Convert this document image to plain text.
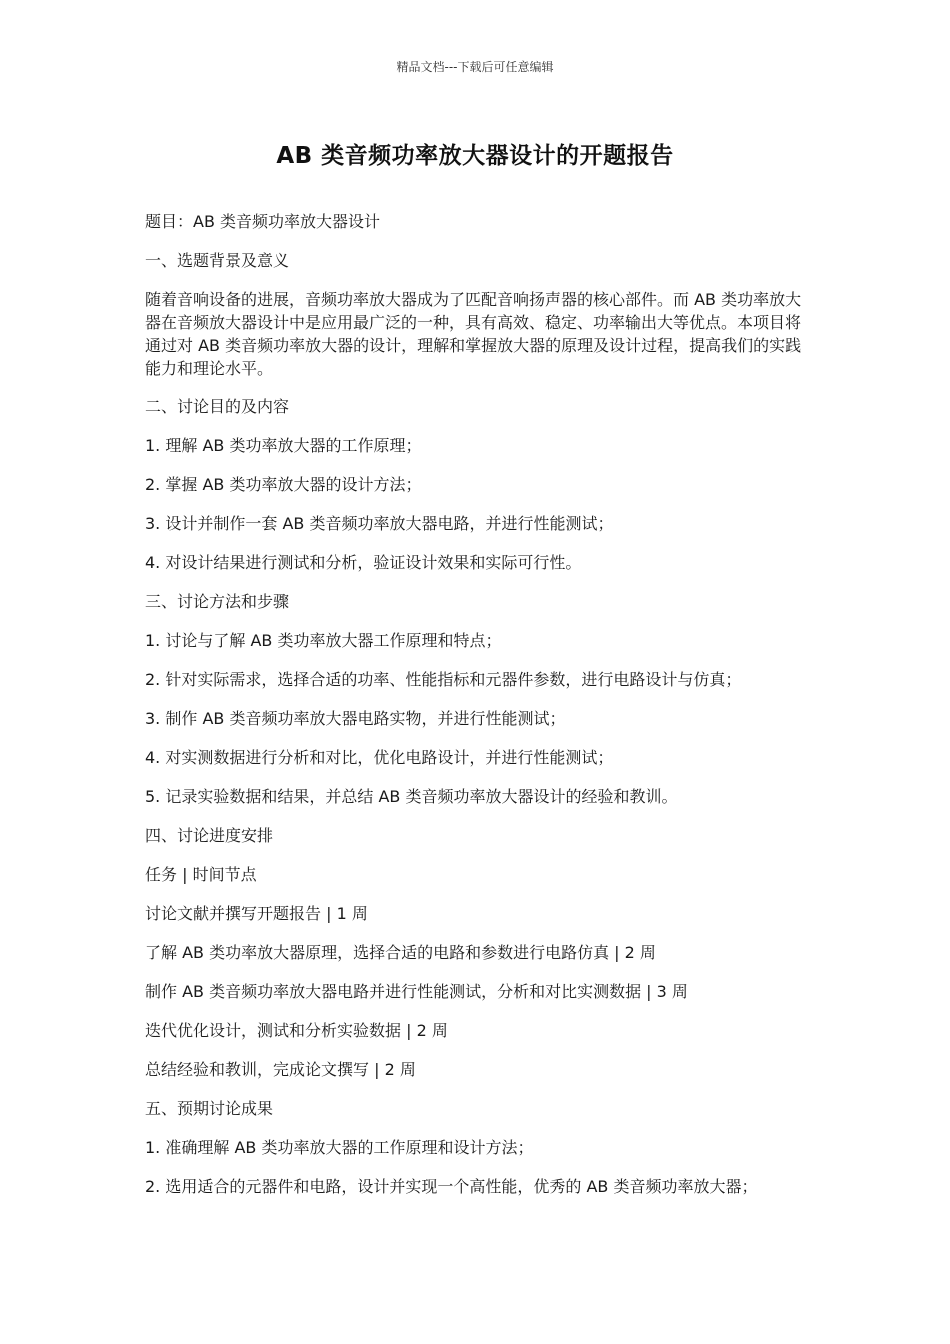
精品文档---下载后可任意编辑
AB 类音频功率放大器设计的开题报告
题目：AB 类音频功率放大器设计
一、选题背景及意义
随着音响设备的进展，音频功率放大器成为了匹配音响扬声器的核心部件。而 AB 类功率放大器在音频放大器设计中是应用最广泛的一种，具有高效、稳定、功率输出大等优点。本项目将通过对 AB 类音频功率放大器的设计，理解和掌握放大器的原理及设计过程，提高我们的实践能力和理论水平。
二、讨论目的及内容
1. 理解 AB 类功率放大器的工作原理；
2. 掌握 AB 类功率放大器的设计方法；
3. 设计并制作一套 AB 类音频功率放大器电路，并进行性能测试；
4. 对设计结果进行测试和分析，验证设计效果和实际可行性。
三、讨论方法和步骤
1. 讨论与了解 AB 类功率放大器工作原理和特点；
2. 针对实际需求，选择合适的功率、性能指标和元器件参数，进行电路设计与仿真；
3. 制作 AB 类音频功率放大器电路实物，并进行性能测试；
4. 对实测数据进行分析和对比，优化电路设计，并进行性能测试；
5. 记录实验数据和结果，并总结 AB 类音频功率放大器设计的经验和教训。
四、讨论进度安排
任务 | 时间节点
讨论文献并撰写开题报告 | 1 周
了解 AB 类功率放大器原理，选择合适的电路和参数进行电路仿真 | 2 周
制作 AB 类音频功率放大器电路并进行性能测试，分析和对比实测数据 | 3 周
迭代优化设计，测试和分析实验数据 | 2 周
总结经验和教训，完成论文撰写 | 2 周
五、预期讨论成果
1. 准确理解 AB 类功率放大器的工作原理和设计方法；
2. 选用适合的元器件和电路，设计并实现一个高性能，优秀的 AB 类音频功率放大器；
